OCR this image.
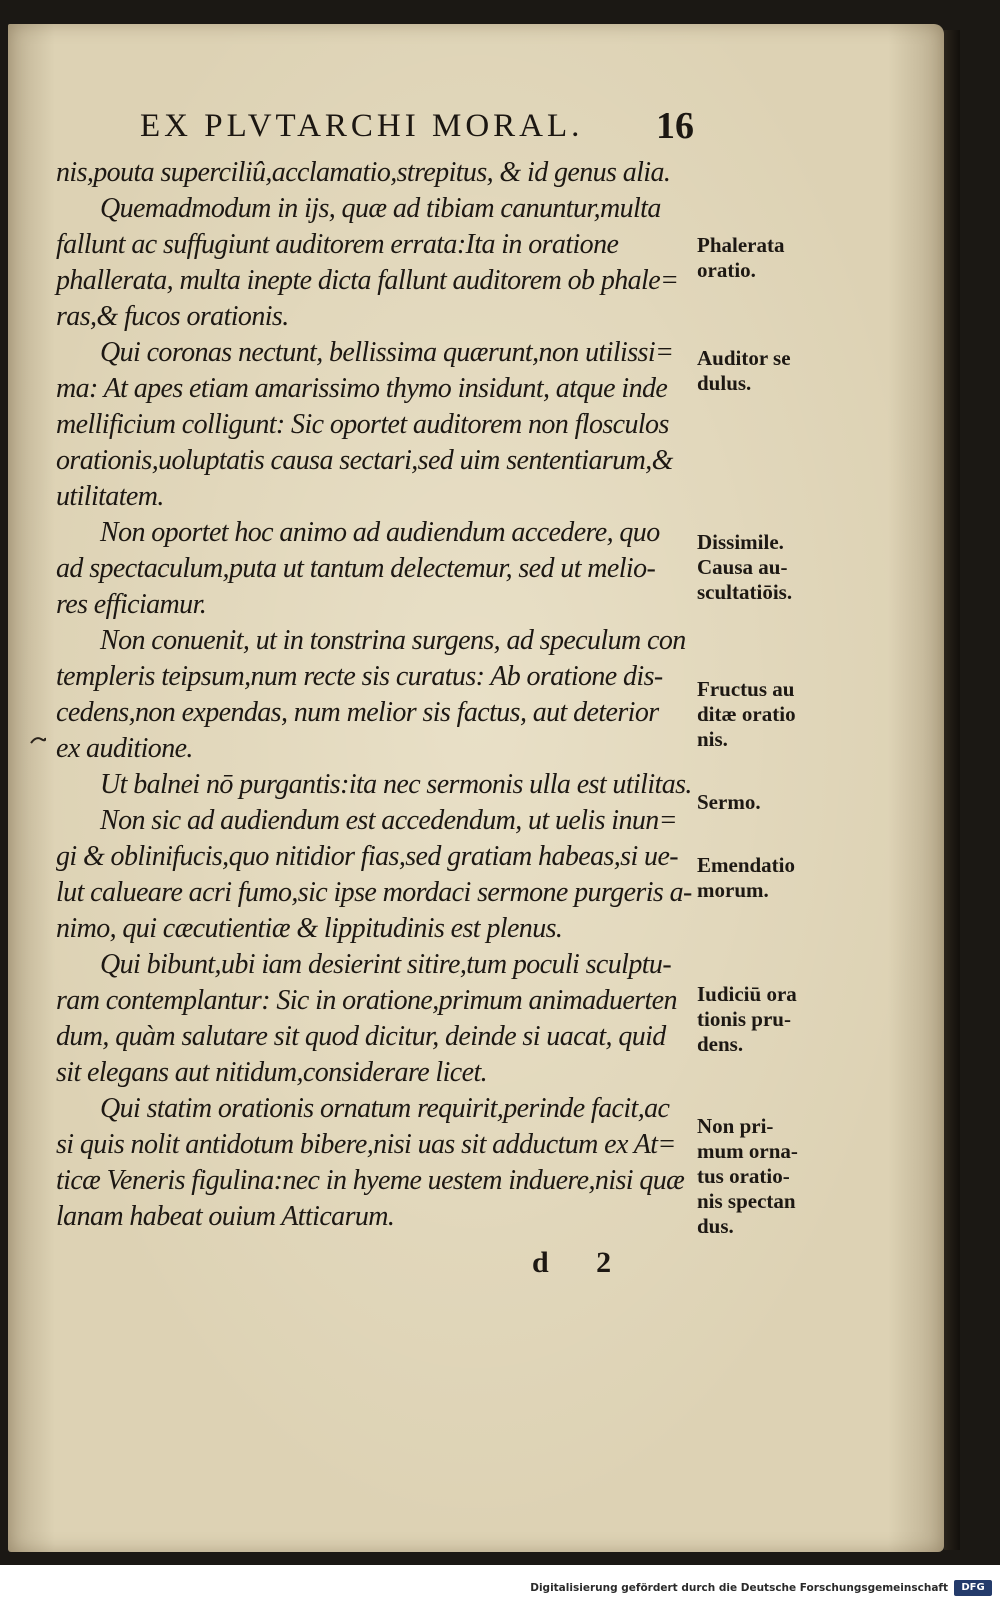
EX PLVTARCHI MORAL.	16
nis,pouta superciliû,acclamatio,strepitus, & id genus alia.
Quemadmodum in ijs, quæ ad tibiam canuntur,multa
fallunt ac suffugiunt auditorem errata:Ita in oratione
phallerata, multa inepte dicta fallunt auditorem ob phale=
ras,& fucos orationis.
Qui coronas nectunt, bellissima quærunt,non utilissi=
ma: At apes etiam amarissimo thymo insidunt, atque inde
mellificium colligunt: Sic oportet auditorem non flosculos
orationis,uoluptatis causa sectari,sed uim sententiarum,&
utilitatem.
Non oportet hoc animo ad audiendum accedere, quo
ad spectaculum,puta ut tantum delectemur, sed ut melio-
res efficiamur.
Non conuenit, ut in tonstrina surgens, ad speculum con
templeris teipsum,num recte sis curatus: Ab oratione dis-
cedens,non expendas, num melior sis factus, aut deterior
ex auditione.
Ut balnei nō purgantis:ita nec sermonis ulla est utilitas.
Non sic ad audiendum est accedendum, ut uelis inun=
gi & oblinifucis,quo nitidior fias,sed gratiam habeas,si ue-
lut calueare acri fumo,sic ipse mordaci sermone purgeris a-
nimo, qui cæcutientiæ & lippitudinis est plenus.
Qui bibunt,ubi iam desierint sitire,tum poculi sculptu-
ram contemplantur: Sic in oratione,primum animaduerten
dum, quàm salutare sit quod dicitur, deinde si uacat, quid
sit elegans aut nitidum,considerare licet.
Qui statim orationis ornatum requirit,perinde facit,ac
si quis nolit antidotum bibere,nisi uas sit adductum ex At=
ticæ Veneris figulina:nec in hyeme uestem induere,nisi quæ
lanam habeat ouium Atticarum.
Phalerata
oratio.
Auditor se
dulus.
Dissimile.
Causa au-
scultatiōis.
Fructus au
ditæ oratio
nis.
Sermo.
Emendatio
morum.
Iudiciū ora
tionis pru-
dens.
Non pri-
mum orna-
tus oratio-
nis spectan
dus.
d 2
Digitalisierung gefördert durch die Deutsche Forschungsgemeinschaft	DFG
